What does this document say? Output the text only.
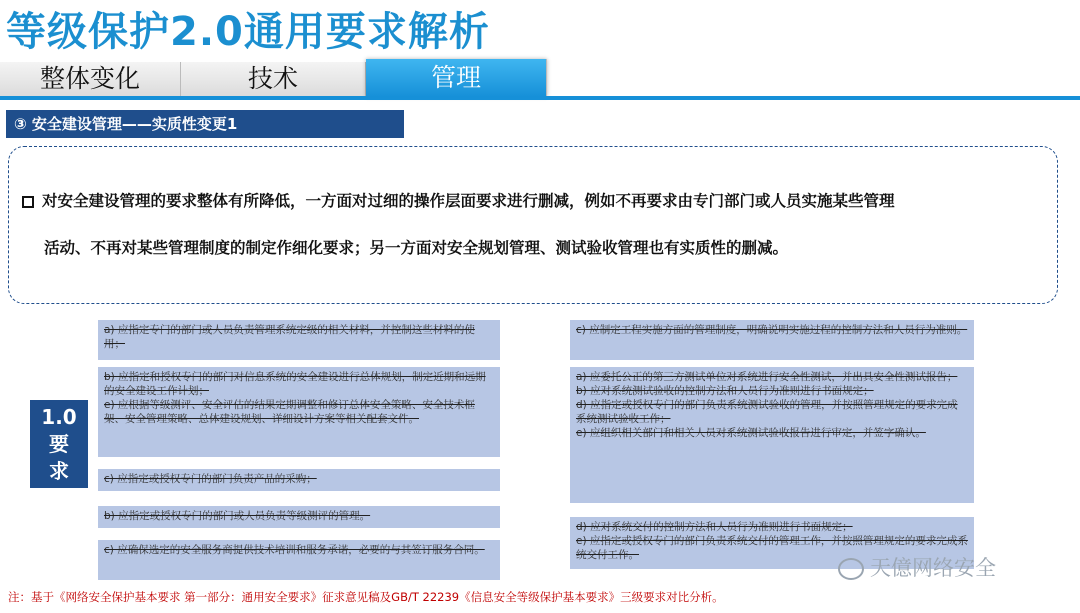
等级保护2.0通用要求解析
整体变化	技术	管理
③ 安全建设管理——实质性变更1
对安全建设管理的要求整体有所降低，一方面对过细的操作层面要求进行删减，例如不再要求由专门部门或人员实施某些管理
活动、不再对某些管理制度的制定作细化要求；另一方面对安全规划管理、测试验收管理也有实质性的删减。
1.0
要
求

a) 应指定专门的部门或人员负责管理系统定级的相关材料，并控制这些材料的使用；

b) 应指定和授权专门的部门对信息系统的安全建设进行总体规划，制定近期和远期的安全建设工作计划；

e) 应根据等级测评、安全评估的结果定期调整和修订总体安全策略、安全技术框架、安全管理策略、总体建设规划、详细设计方案等相关配套文件。

c) 应指定或授权专门的部门负责产品的采购；

b) 应指定或授权专门的部门或人员负责等级测评的管理。

c) 应确保选定的安全服务商提供技术培训和服务承诺，必要的与其签订服务合同。

c) 应制定工程实施方面的管理制度，明确说明实施过程的控制方法和人员行为准则。

a) 应委托公正的第三方测试单位对系统进行安全性测试，并出具安全性测试报告；

b) 应对系统测试验收的控制方法和人员行为准则进行书面规定；

d) 应指定或授权专门的部门负责系统测试验收的管理，并按照管理规定的要求完成系统测试验收工作；

e) 应组织相关部门和相关人员对系统测试验收报告进行审定，并签字确认。

d) 应对系统交付的控制方法和人员行为准则进行书面规定；

e) 应指定或授权专门的部门负责系统交付的管理工作，并按照管理规定的要求完成系统交付工作。

天億网络安全
注：基于《网络安全保护基本要求 第一部分：通用安全要求》征求意见稿及GB/T 22239《信息安全等级保护基本要求》三级要求对比分析。
